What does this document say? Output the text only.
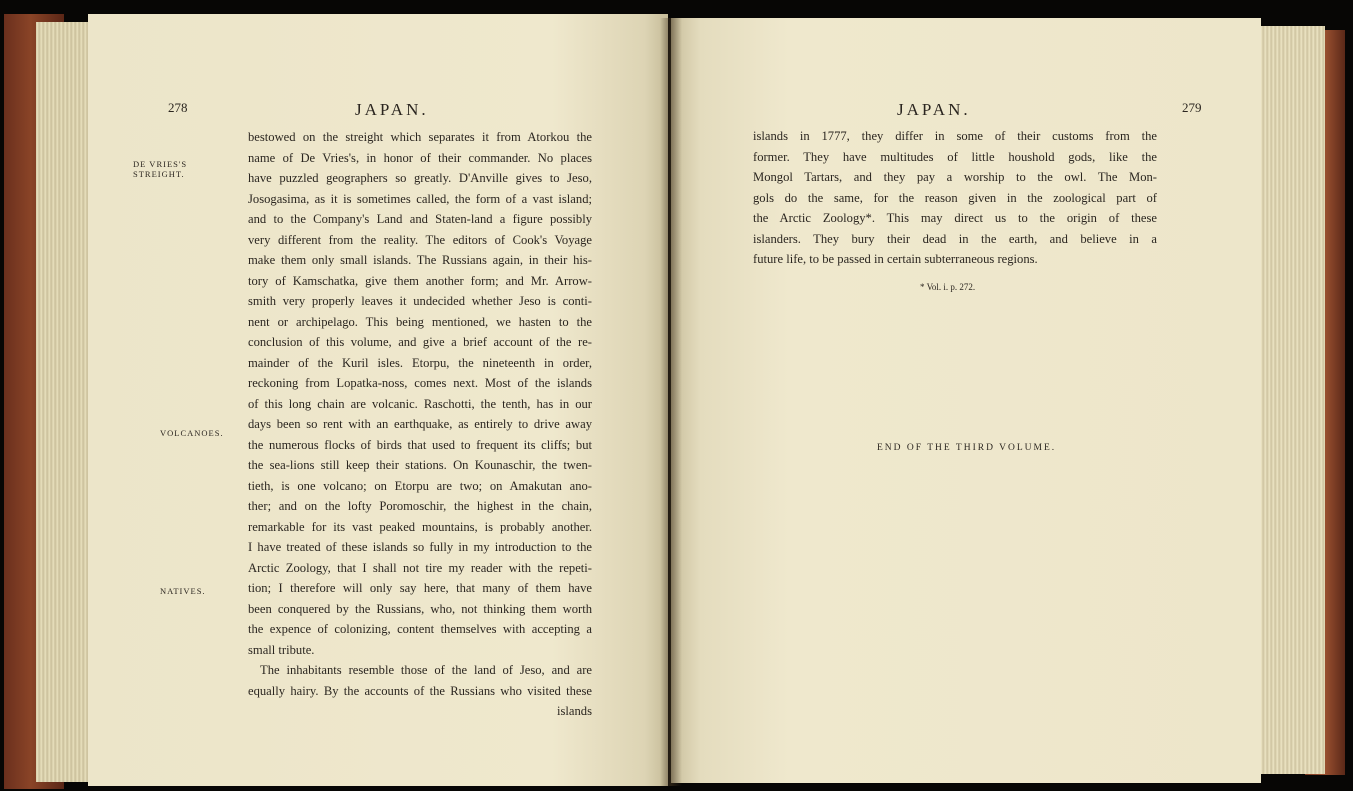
278	JAPAN.
DE VRIES'S
STREIGHT.
VOLCANOES.
NATIVES.
bestowed on the streight which separates it from Atorkou the
name of De Vries's, in honor of their commander. No places
have puzzled geographers so greatly. D'Anville gives to Jeso,
Josogasima, as it is sometimes called, the form of a vast island;
and to the Company's Land and Staten-land a figure possibly
very different from the reality. The editors of Cook's Voyage
make them only small islands. The Russians again, in their his-
tory of Kamschatka, give them another form; and Mr. Arrow-
smith very properly leaves it undecided whether Jeso is conti-
nent or archipelago. This being mentioned, we hasten to the
conclusion of this volume, and give a brief account of the re-
mainder of the Kuril isles. Etorpu, the nineteenth in order,
reckoning from Lopatka-noss, comes next. Most of the islands
of this long chain are volcanic. Raschotti, the tenth, has in our
days been so rent with an earthquake, as entirely to drive away
the numerous flocks of birds that used to frequent its cliffs; but
the sea-lions still keep their stations. On Kounaschir, the twen-
tieth, is one volcano; on Etorpu are two; on Amakutan ano-
ther; and on the lofty Poromoschir, the highest in the chain,
remarkable for its vast peaked mountains, is probably another.
I have treated of these islands so fully in my introduction to the
Arctic Zoology, that I shall not tire my reader with the repeti-
tion; I therefore will only say here, that many of them have
been conquered by the Russians, who, not thinking them worth
the expence of colonizing, content themselves with accepting a
small tribute.
The inhabitants resemble those of the land of Jeso, and are
equally hairy. By the accounts of the Russians who visited these
islands
JAPAN.	279
islands in 1777, they differ in some of their customs from the
former. They have multitudes of little houshold gods, like the
Mongol Tartars, and they pay a worship to the owl. The Mon-
gols do the same, for the reason given in the zoological part of
the Arctic Zoology*. This may direct us to the origin of these
islanders. They bury their dead in the earth, and believe in a
future life, to be passed in certain subterraneous regions.
* Vol. i. p. 272.
END OF THE THIRD VOLUME.
